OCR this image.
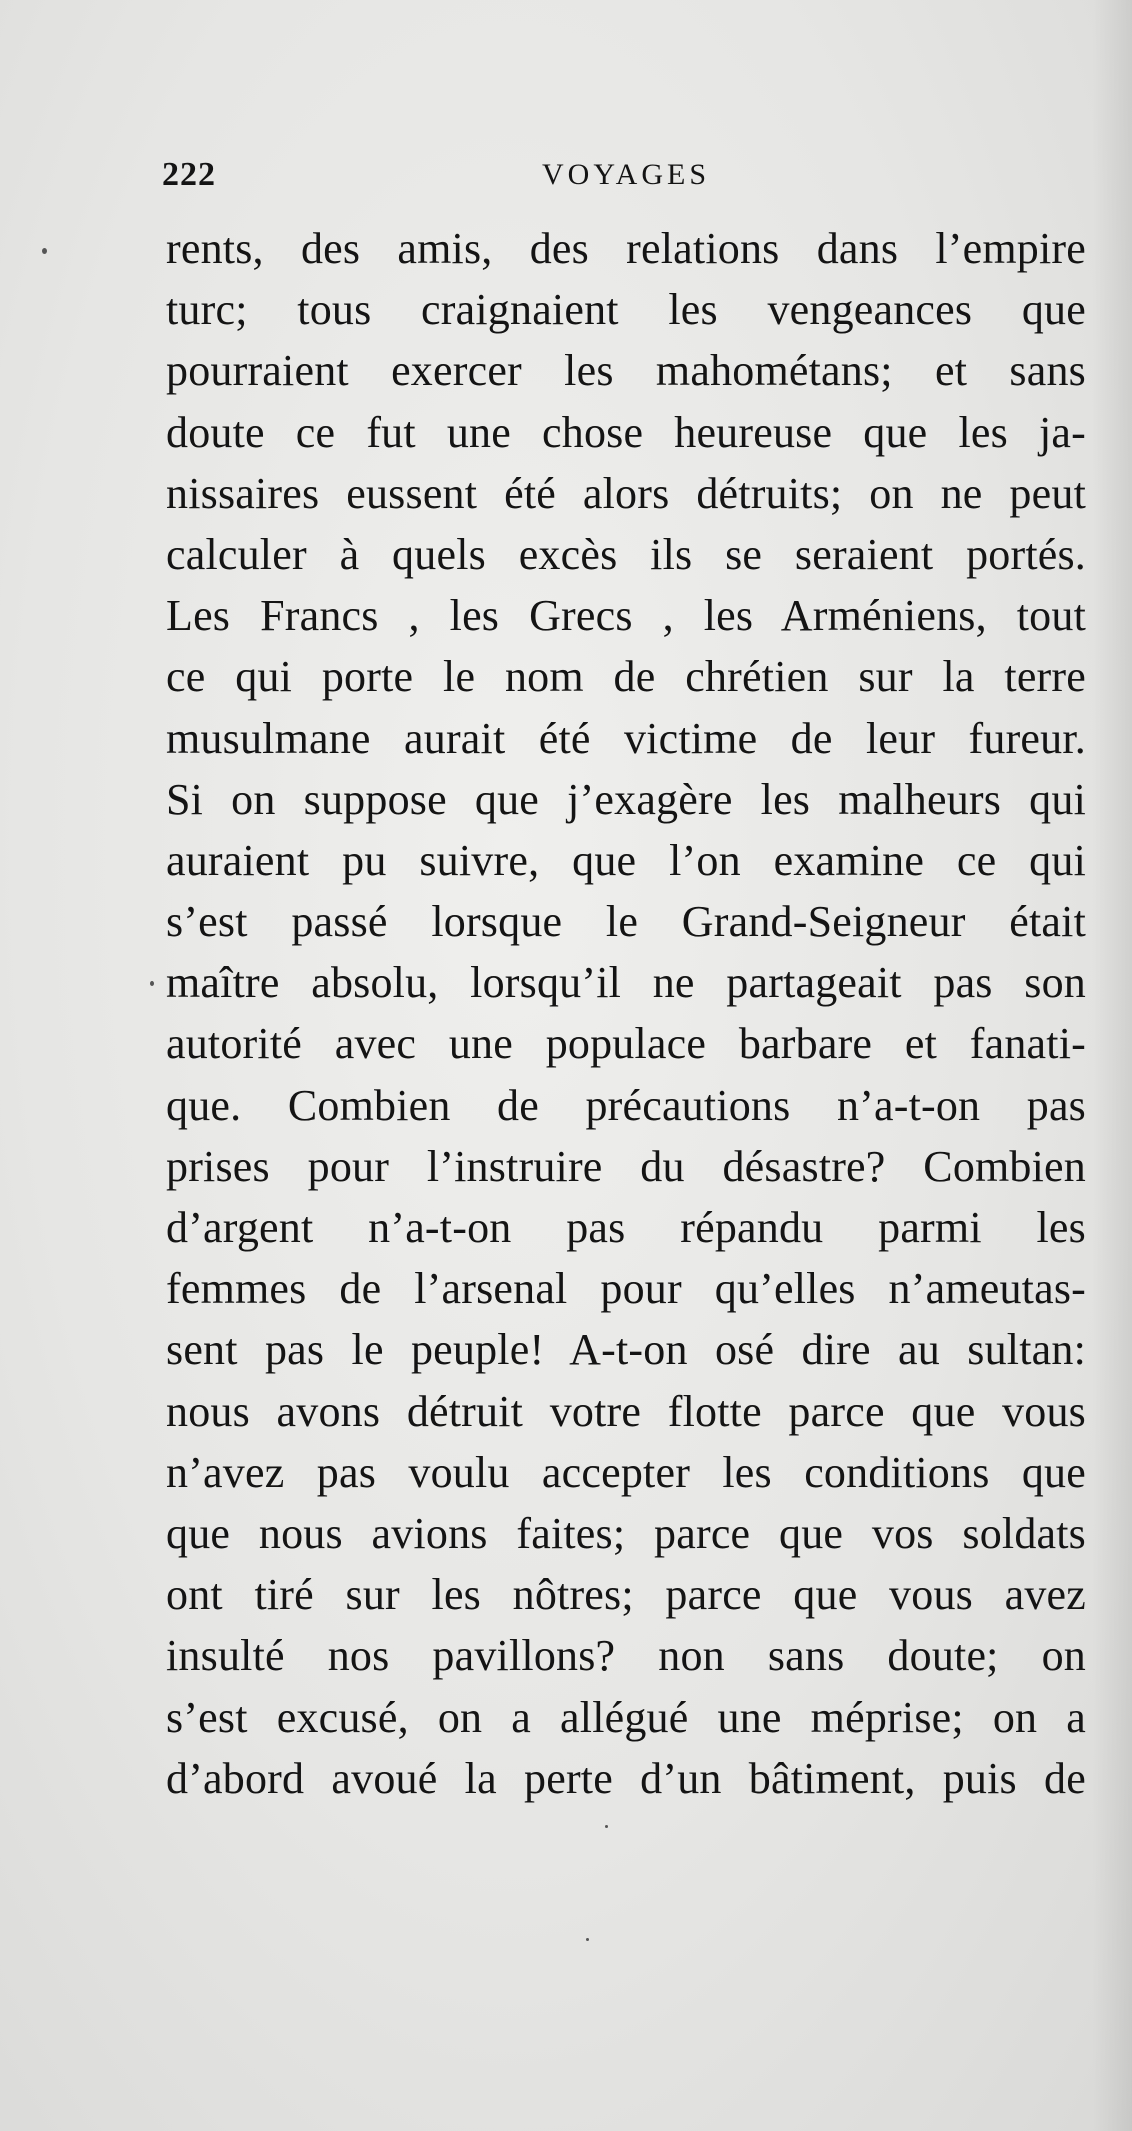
222	VOYAGES
rents, des amis, des relations dans l’empire
turc; tous craignaient les vengeances que
pourraient exercer les mahométans; et sans
doute ce fut une chose heureuse que les ja-
nissaires eussent été alors détruits; on ne peut
calculer à quels excès ils se seraient portés.
Les Francs , les Grecs , les Arméniens, tout
ce qui porte le nom de chrétien sur la terre
musulmane aurait été victime de leur fureur.
Si on suppose que j’exagère les malheurs qui
auraient pu suivre, que l’on examine ce qui
s’est passé lorsque le Grand-Seigneur était
maître absolu, lorsqu’il ne partageait pas son
autorité avec une populace barbare et fanati-
que. Combien de précautions n’a-t-on pas
prises pour l’instruire du désastre? Combien
d’argent n’a-t-on pas répandu parmi les
femmes de l’arsenal pour qu’elles n’ameutas-
sent pas le peuple! A-t-on osé dire au sultan:
nous avons détruit votre flotte parce que vous
n’avez pas voulu accepter les conditions que
que nous avions faites; parce que vos soldats
ont tiré sur les nôtres; parce que vous avez
insulté nos pavillons? non sans doute; on
s’est excusé, on a allégué une méprise; on a
d’abord avoué la perte d’un bâtiment, puis de
